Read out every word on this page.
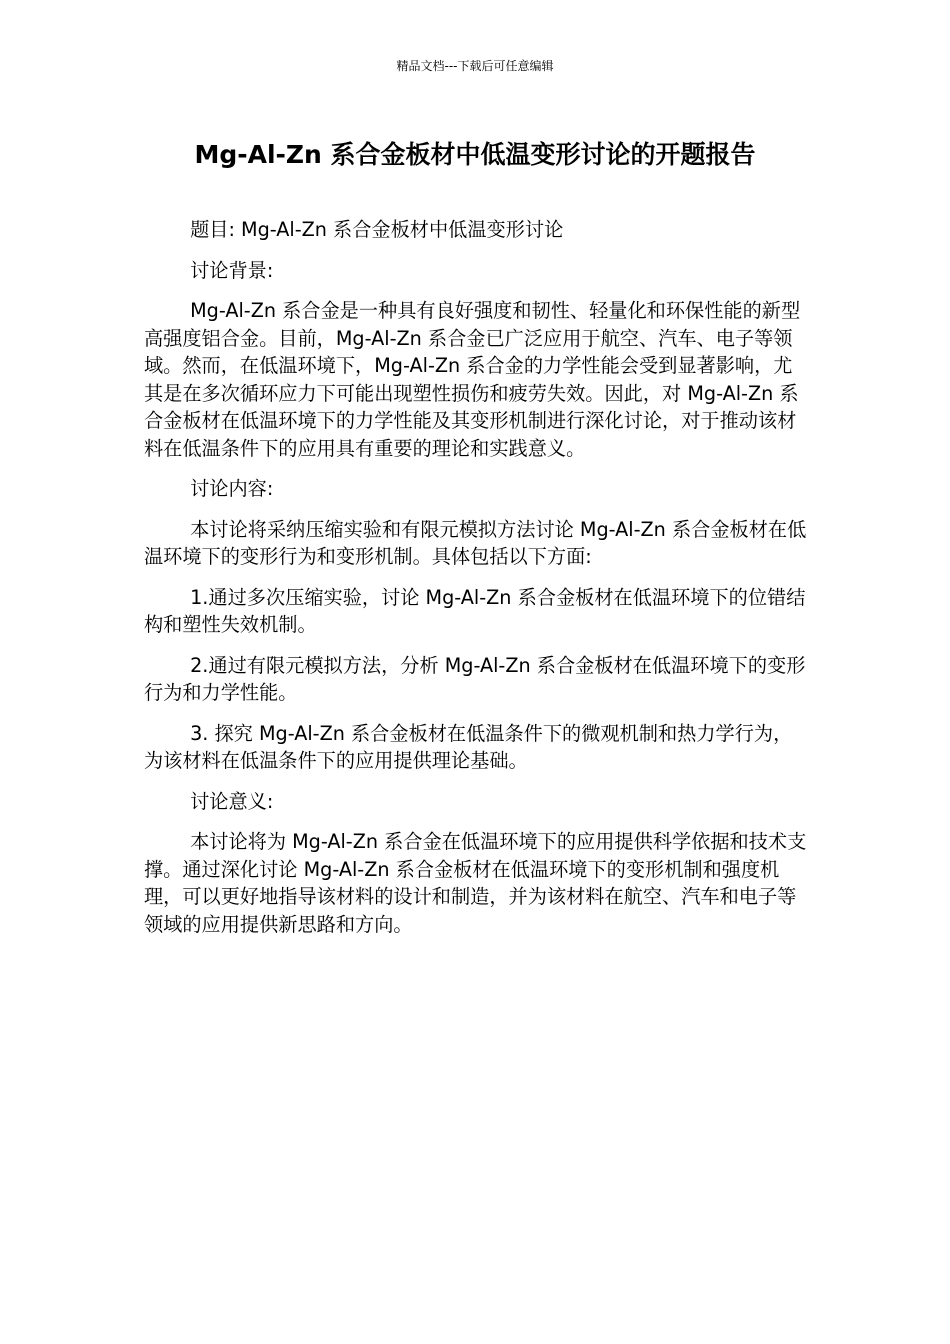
精品文档---下载后可任意编辑
Mg-Al-Zn 系合金板材中低温变形讨论的开题报告

题目: Mg-Al-Zn 系合金板材中低温变形讨论

讨论背景:

Mg-Al-Zn 系合金是一种具有良好强度和韧性、轻量化和环保性能的新型高强度铝合金。目前，Mg-Al-Zn 系合金已广泛应用于航空、汽车、电子等领域。然而，在低温环境下，Mg-Al-Zn 系合金的力学性能会受到显著影响，尤其是在多次循环应力下可能出现塑性损伤和疲劳失效。因此，对 Mg-Al-Zn 系合金板材在低温环境下的力学性能及其变形机制进行深化讨论，对于推动该材料在低温条件下的应用具有重要的理论和实践意义。

讨论内容:

本讨论将采纳压缩实验和有限元模拟方法讨论 Mg-Al-Zn 系合金板材在低温环境下的变形行为和变形机制。具体包括以下方面:

1.通过多次压缩实验，讨论 Mg-Al-Zn 系合金板材在低温环境下的位错结构和塑性失效机制。

2.通过有限元模拟方法，分析 Mg-Al-Zn 系合金板材在低温环境下的变形行为和力学性能。

3. 探究 Mg-Al-Zn 系合金板材在低温条件下的微观机制和热力学行为，为该材料在低温条件下的应用提供理论基础。

讨论意义:

本讨论将为 Mg-Al-Zn 系合金在低温环境下的应用提供科学依据和技术支撑。通过深化讨论 Mg-Al-Zn 系合金板材在低温环境下的变形机制和强度机理，可以更好地指导该材料的设计和制造，并为该材料在航空、汽车和电子等领域的应用提供新思路和方向。
